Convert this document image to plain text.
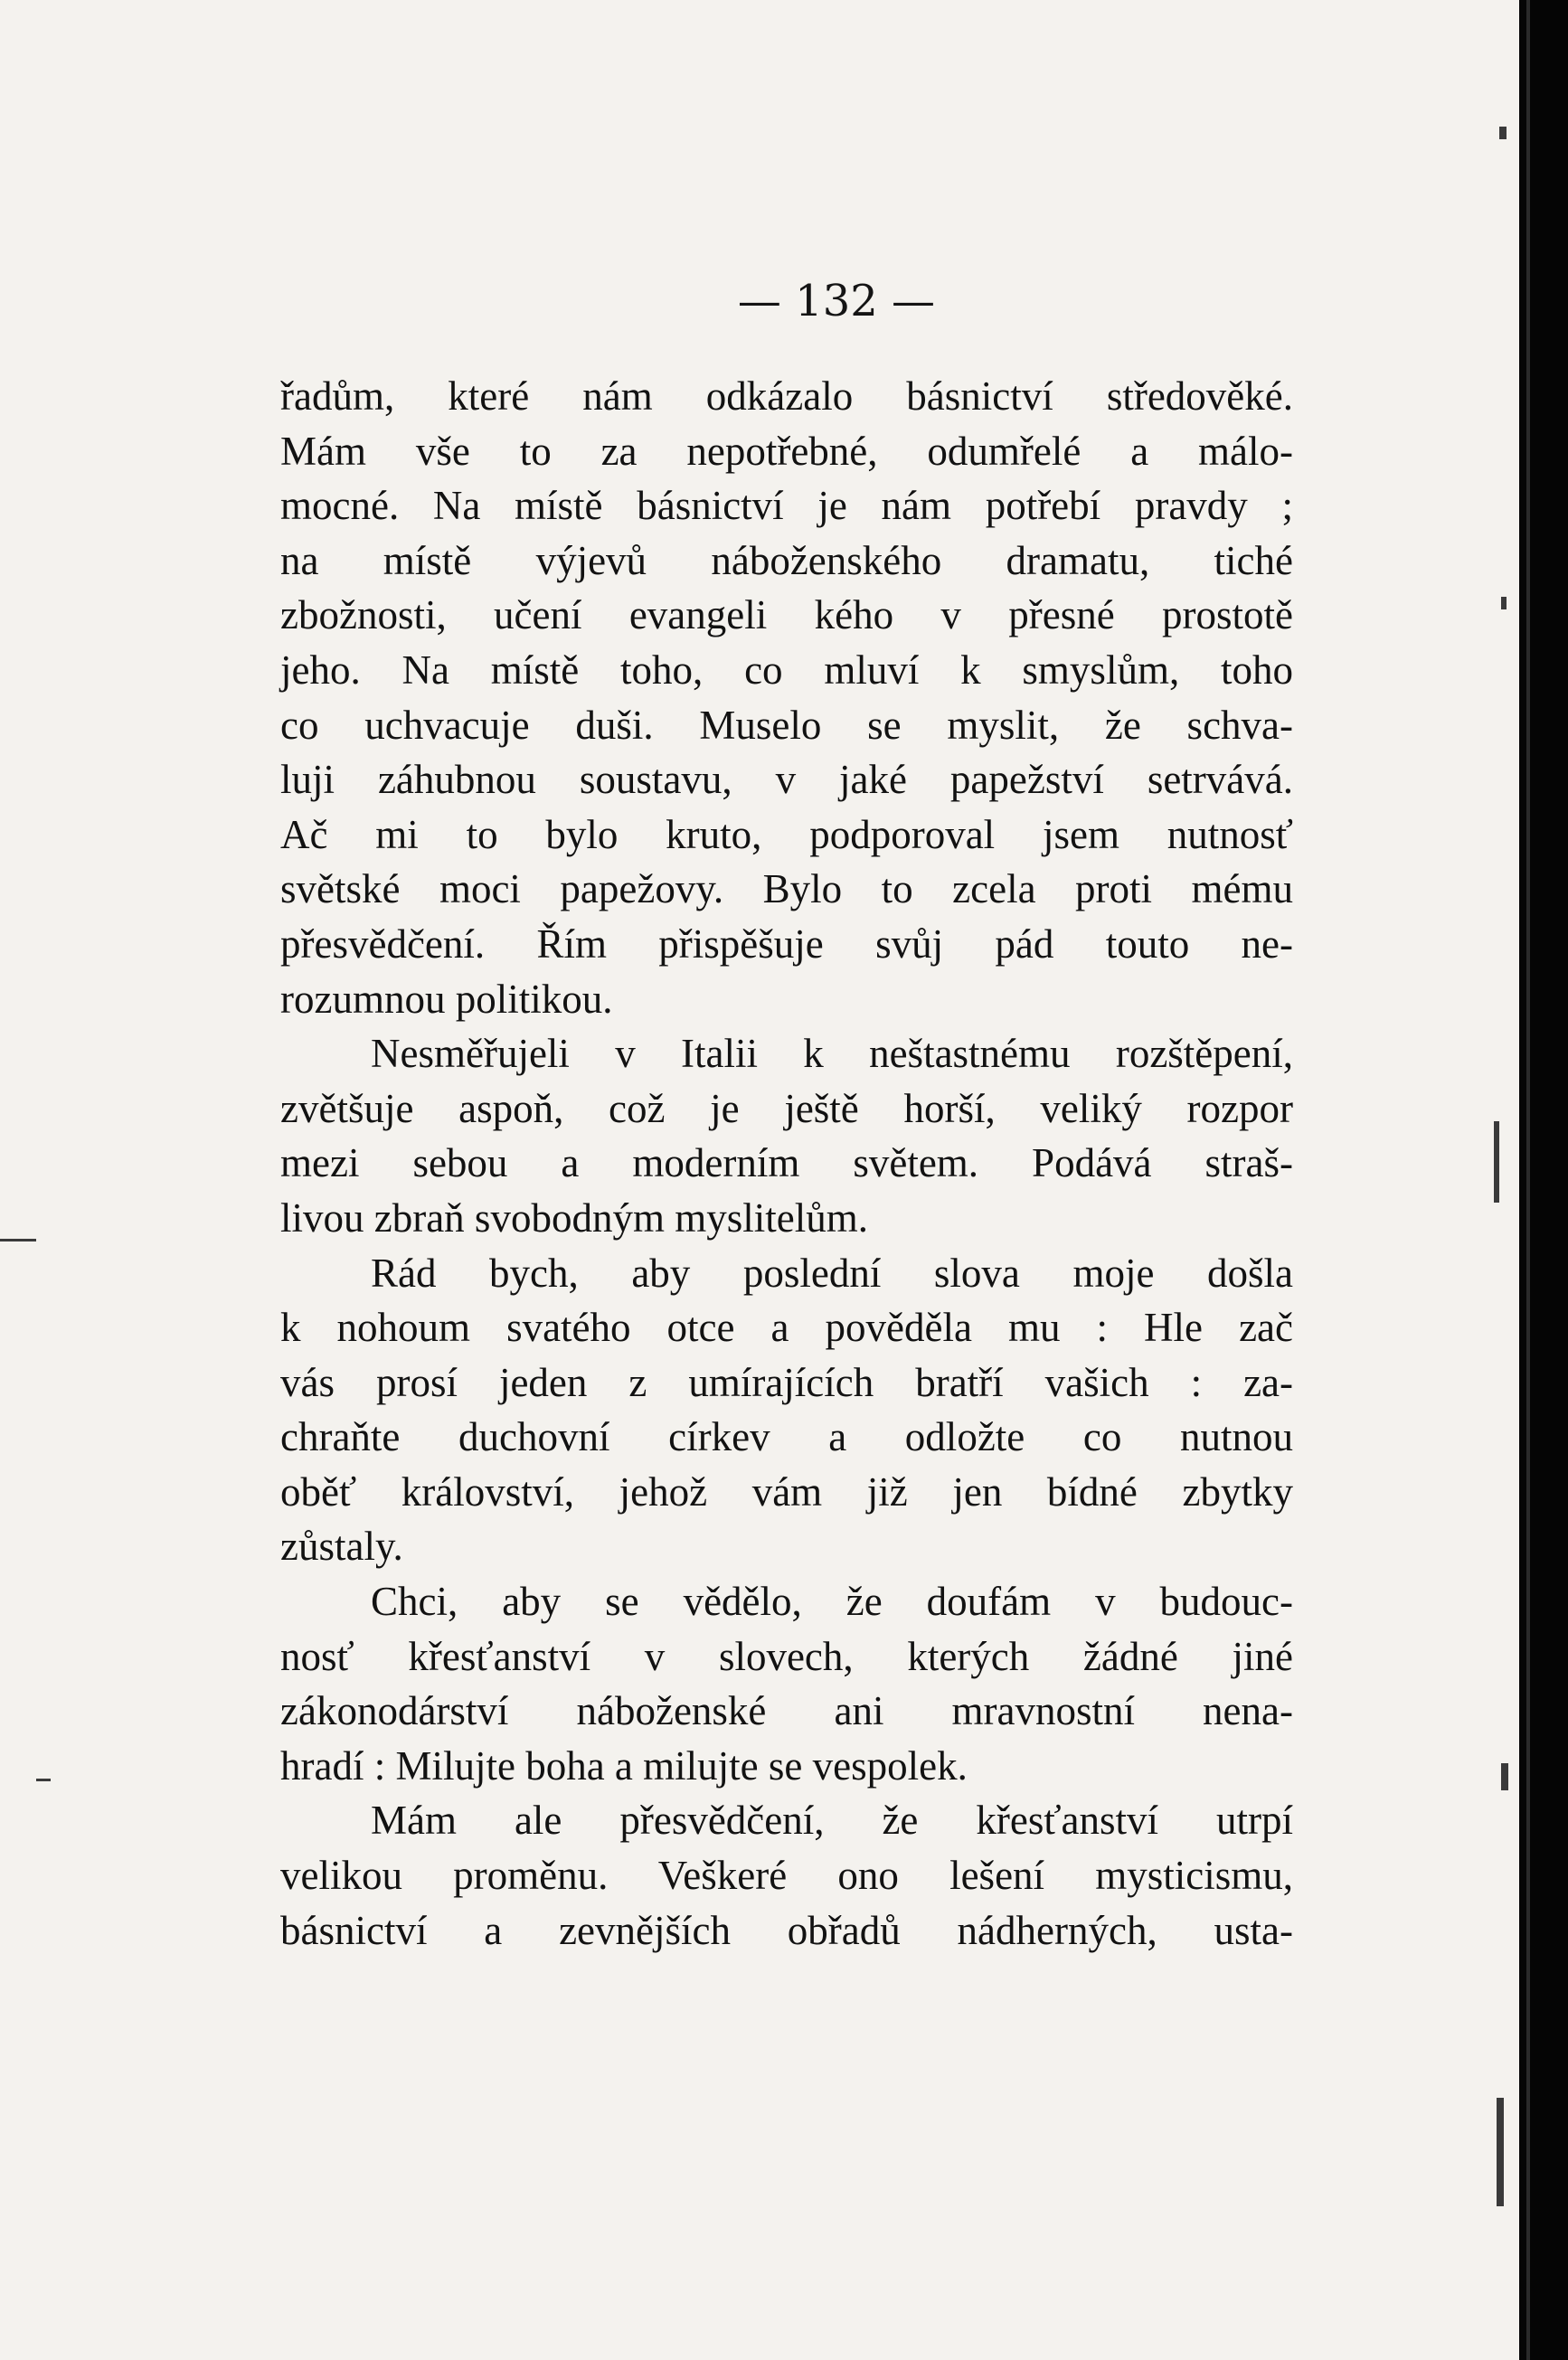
— 132 —
řadům, které nám odkázalo básnictví středověké.
Mám vše to za nepotřebné, odumřelé a málo-
mocné. Na místě básnictví je nám potřebí pravdy ;
na místě výjevů náboženského dramatu, tiché
zbožnosti, učení evangeli kého v přesné prostotě
jeho. Na místě toho, co mluví k smyslům, toho
co uchvacuje duši. Muselo se myslit, že schva-
luji záhubnou soustavu, v jaké papežství setrvává.
Ač mi to bylo kruto, podporoval jsem nutnosť
světské moci papežovy. Bylo to zcela proti mému
přesvědčení. Řím přispěšuje svůj pád touto ne-
rozumnou politikou.
Nesměřujeli v Italii k neštastnému rozštěpení,
zvětšuje aspoň, což je ještě horší, veliký rozpor
mezi sebou a moderním světem. Podává straš-
livou zbraň svobodným myslitelům.
Rád bych, aby poslední slova moje došla
k nohoum svatého otce a pověděla mu : Hle zač
vás prosí jeden z umírajících bratří vašich : za-
chraňte duchovní církev a odložte co nutnou
oběť království, jehož vám již jen bídné zbytky
zůstaly.
Chci, aby se vědělo, že doufám v budouc-
nosť křesťanství v slovech, kterých žádné jiné
zákonodárství náboženské ani mravnostní nena-
hradí : Milujte boha a milujte se vespolek.
Mám ale přesvědčení, že křesťanství utrpí
velikou proměnu. Veškeré ono lešení mysticismu,
básnictví a zevnějších obřadů nádherných, usta-
